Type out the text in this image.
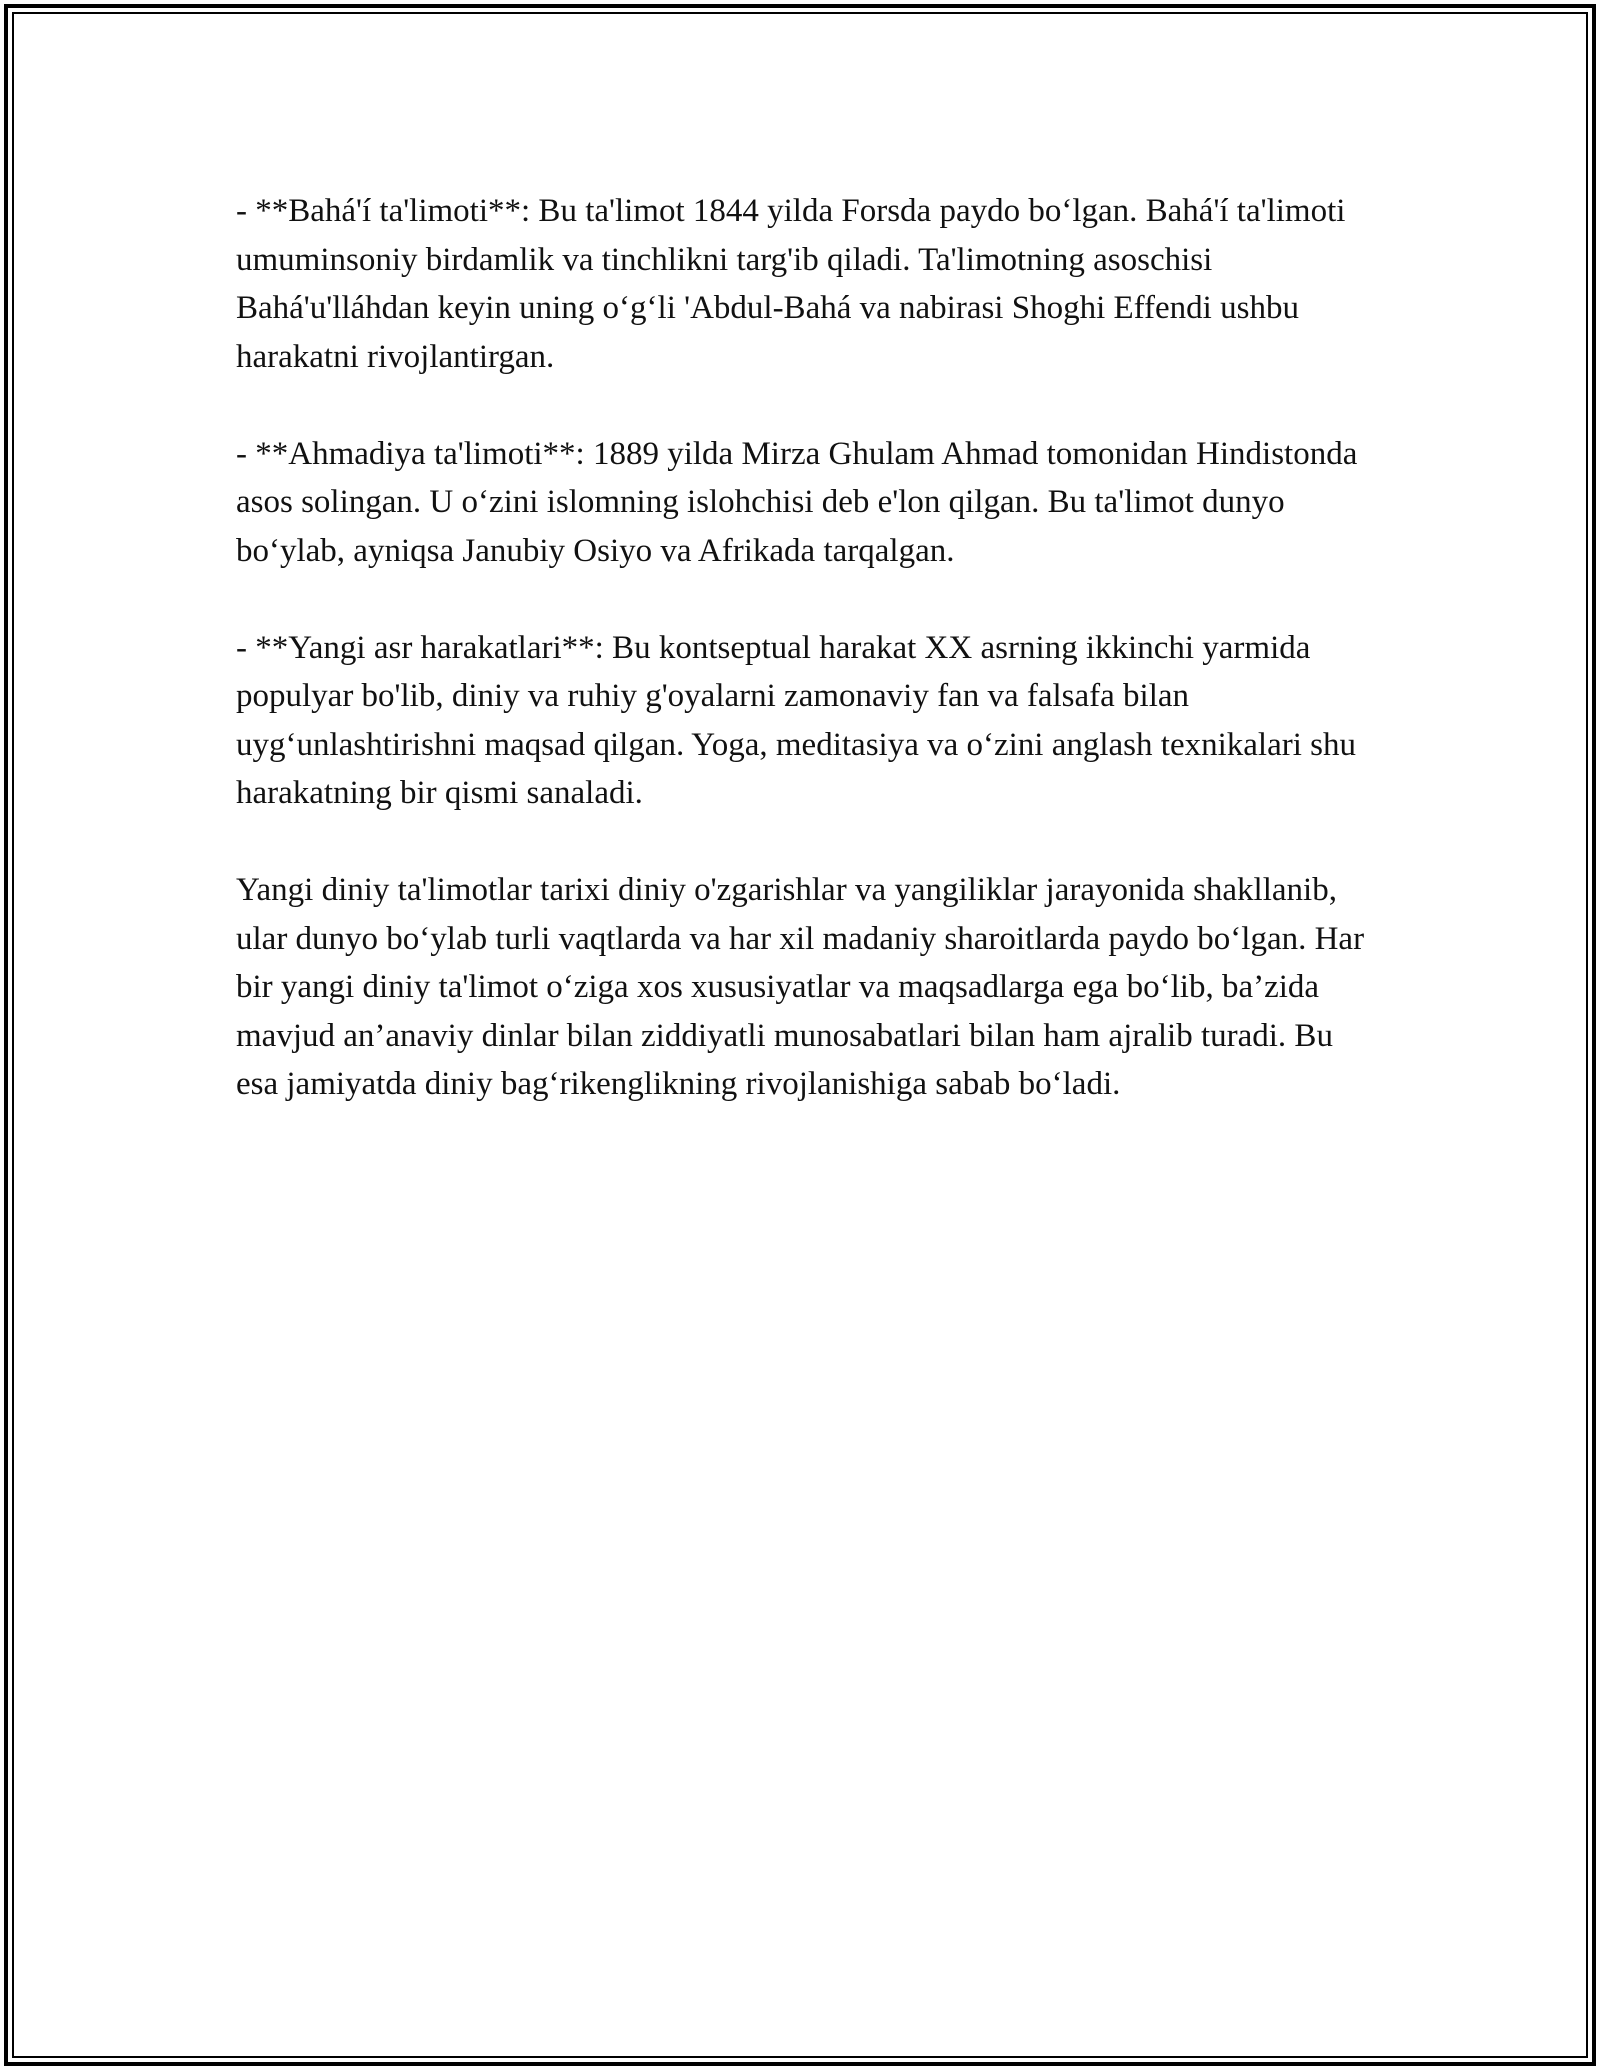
- **Bahá'í ta'limoti**: Bu ta'limot 1844 yilda Forsda paydo bo‘lgan. Bahá'í ta'limoti umuminsoniy birdamlik va tinchlikni targ'ib qiladi. Ta'limotning asoschisi Bahá'u'lláhdan keyin uning o‘g‘li 'Abdul-Bahá va nabirasi Shoghi Effendi ushbu harakatni rivojlantirgan.

- **Ahmadiya ta'limoti**: 1889 yilda Mirza Ghulam Ahmad tomonidan Hindistonda asos solingan. U o‘zini islomning islohchisi deb e'lon qilgan. Bu ta'limot dunyo bo‘ylab, ayniqsa Janubiy Osiyo va Afrikada tarqalgan.

- **Yangi asr harakatlari**: Bu kontseptual harakat XX asrning ikkinchi yarmida populyar bo'lib, diniy va ruhiy g'oyalarni zamonaviy fan va falsafa bilan uyg‘unlashtirishni maqsad qilgan. Yoga, meditasiya va o‘zini anglash texnikalari shu harakatning bir qismi sanaladi.

Yangi diniy ta'limotlar tarixi diniy o'zgarishlar va yangiliklar jarayonida shakllanib, ular dunyo bo‘ylab turli vaqtlarda va har xil madaniy sharoitlarda paydo bo‘lgan. Har bir yangi diniy ta'limot o‘ziga xos xususiyatlar va maqsadlarga ega bo‘lib, ba’zida mavjud an’anaviy dinlar bilan ziddiyatli munosabatlari bilan ham ajralib turadi. Bu esa jamiyatda diniy bag‘rikenglikning rivojlanishiga sabab bo‘ladi.
